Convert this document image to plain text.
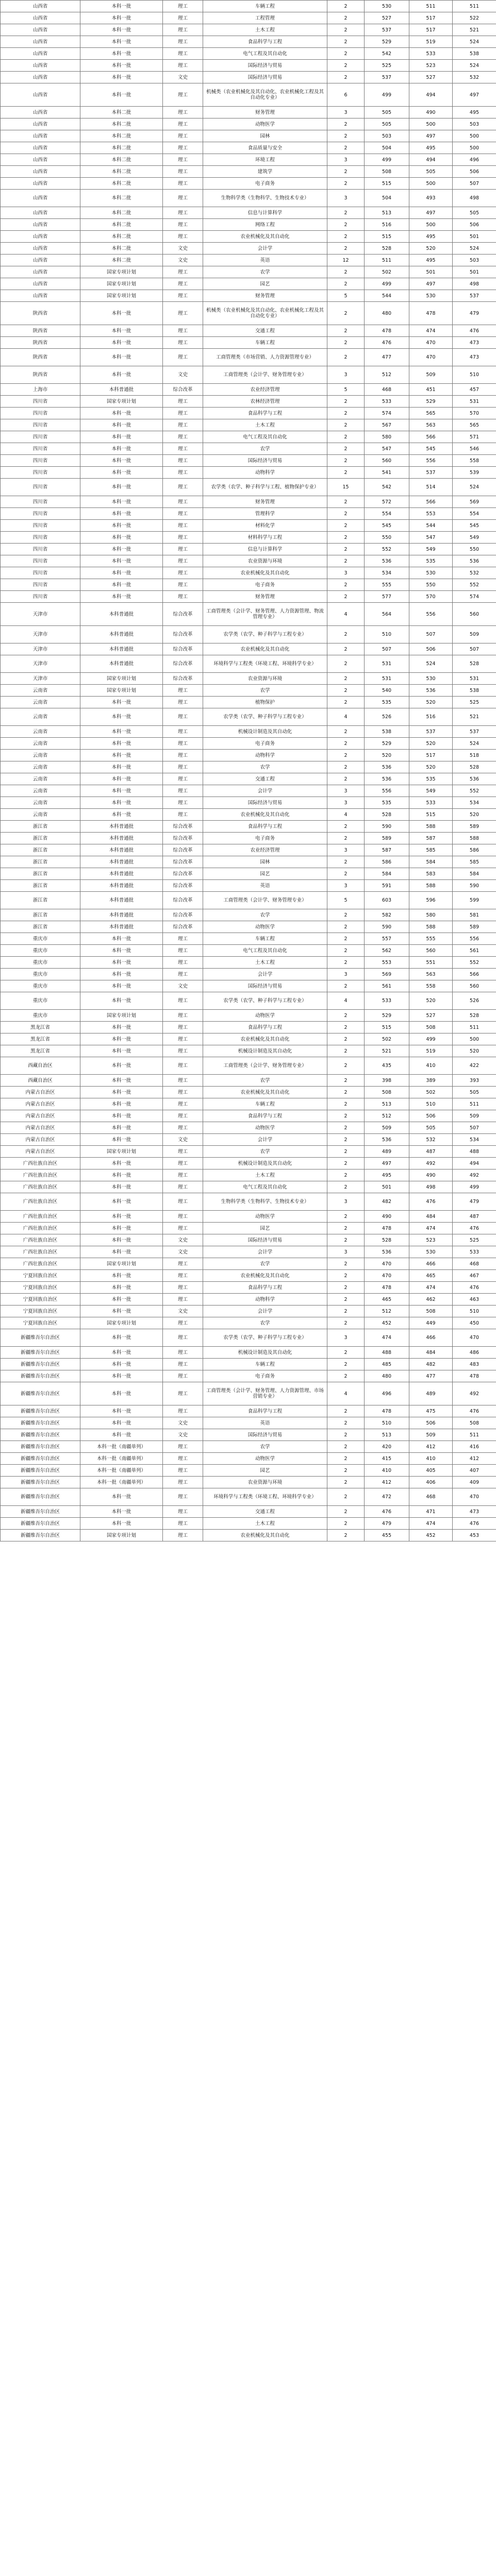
山西省	本科一批	理工	车辆工程	2	530	511	511
山西省	本科一批	理工	工程管理	2	527	517	522
山西省	本科一批	理工	土木工程	2	537	517	521
山西省	本科一批	理工	食品科学与工程	2	529	519	524
山西省	本科一批	理工	电气工程及其自动化	2	542	533	538
山西省	本科一批	理工	国际经济与贸易	2	525	523	524
山西省	本科一批	文史	国际经济与贸易	2	537	527	532
山西省	本科一批	理工	机械类（农业机械化及其自动化、农业机械化工程及其自动化专业）	6	499	494	497
山西省	本科二批	理工	财务管理	3	505	490	495
山西省	本科二批	理工	动物医学	2	505	500	503
山西省	本科二批	理工	园林	2	503	497	500
山西省	本科二批	理工	食品质量与安全	2	504	495	500
山西省	本科二批	理工	环境工程	3	499	494	496
山西省	本科二批	理工	建筑学	2	508	505	506
山西省	本科二批	理工	电子商务	2	515	500	507
山西省	本科二批	理工	生物科学类（生物科学、生物技术专业）	3	504	493	498
山西省	本科二批	理工	信息与计算科学	2	513	497	505
山西省	本科二批	理工	网络工程	2	516	500	506
山西省	本科二批	理工	农业机械化及其自动化	2	515	495	501
山西省	本科二批	文史	会计学	2	528	520	524
山西省	本科二批	文史	英语	12	511	495	503
山西省	国家专项计划	理工	农学	2	502	501	501
山西省	国家专项计划	理工	园艺	2	499	497	498
山西省	国家专项计划	理工	财务管理	5	544	530	537
陕西省	本科一批	理工	机械类（农业机械化及其自动化、农业机械化工程及其自动化专业）	2	480	478	479
陕西省	本科一批	理工	交通工程	2	478	474	476
陕西省	本科一批	理工	车辆工程	2	476	470	473
陕西省	本科一批	理工	工商管理类（市场营销、人力资源管理专业）	2	477	470	473
陕西省	本科一批	文史	工商管理类（会计学、财务管理专业）	3	512	509	510
上海市	本科普通批	综合改革	农业经济管理	5	468	451	457
四川省	国家专项计划	理工	农林经济管理	2	533	529	531
四川省	本科一批	理工	食品科学与工程	2	574	565	570
四川省	本科一批	理工	土木工程	2	567	563	565
四川省	本科一批	理工	电气工程及其自动化	2	580	566	571
四川省	本科一批	理工	农学	2	547	545	546
四川省	本科一批	理工	国际经济与贸易	2	560	556	558
四川省	本科一批	理工	动物科学	2	541	537	539
四川省	本科一批	理工	农学类（农学、种子科学与工程、植物保护专业）	15	542	514	524
四川省	本科一批	理工	财务管理	2	572	566	569
四川省	本科一批	理工	管理科学	2	554	553	554
四川省	本科一批	理工	材料化学	2	545	544	545
四川省	本科一批	理工	材料科学与工程	2	550	547	549
四川省	本科一批	理工	信息与计算科学	2	552	549	550
四川省	本科一批	理工	农业资源与环境	2	536	535	536
四川省	本科一批	理工	农业机械化及其自动化	3	534	530	532
四川省	本科一批	理工	电子商务	2	555	550	552
四川省	本科一批	理工	财务管理	2	577	570	574
天津市	本科普通批	综合改革	工商管理类（会计学、财务管理、人力资源管理、物流管理专业）	4	564	556	560
天津市	本科普通批	综合改革	农学类（农学、种子科学与工程专业）	2	510	507	509
天津市	本科普通批	综合改革	农业机械化及其自动化	2	507	506	507
天津市	本科普通批	综合改革	环境科学与工程类（环境工程、环境科学专业）	2	531	524	528
天津市	国家专项计划	综合改革	农业资源与环境	2	531	530	531
云南省	国家专项计划	理工	农学	2	540	536	538
云南省	本科一批	理工	植物保护	2	535	520	525
云南省	本科一批	理工	农学类（农学、种子科学与工程专业）	4	526	516	521
云南省	本科一批	理工	机械设计制造及其自动化	2	538	537	537
云南省	本科一批	理工	电子商务	2	529	520	524
云南省	本科一批	理工	动物科学	2	520	517	518
云南省	本科一批	理工	农学	2	536	520	528
云南省	本科一批	理工	交通工程	2	536	535	536
云南省	本科一批	理工	会计学	3	556	549	552
云南省	本科一批	理工	国际经济与贸易	3	535	533	534
云南省	本科一批	理工	农业机械化及其自动化	4	528	515	520
浙江省	本科普通批	综合改革	食品科学与工程	2	590	588	589
浙江省	本科普通批	综合改革	电子商务	2	589	587	588
浙江省	本科普通批	综合改革	农业经济管理	3	587	585	586
浙江省	本科普通批	综合改革	园林	2	586	584	585
浙江省	本科普通批	综合改革	园艺	2	584	583	584
浙江省	本科普通批	综合改革	英语	3	591	588	590
浙江省	本科普通批	综合改革	工商管理类（会计学、财务管理专业）	5	603	596	599
浙江省	本科普通批	综合改革	农学	2	582	580	581
浙江省	本科普通批	综合改革	动物医学	2	590	588	589
重庆市	本科一批	理工	车辆工程	2	557	555	556
重庆市	本科一批	理工	电气工程及其自动化	2	562	560	561
重庆市	本科一批	理工	土木工程	2	553	551	552
重庆市	本科一批	理工	会计学	3	569	563	566
重庆市	本科一批	文史	国际经济与贸易	2	561	558	560
重庆市	本科一批	理工	农学类（农学、种子科学与工程专业）	4	533	520	526
重庆市	国家专项计划	理工	动物医学	2	529	527	528
黑龙江省	本科一批	理工	食品科学与工程	2	515	508	511
黑龙江省	本科一批	理工	农业机械化及其自动化	2	502	499	500
黑龙江省	本科一批	理工	机械设计制造及其自动化	2	521	519	520
西藏自治区	本科一批	理工	工商管理类（会计学、财务管理专业）	2	435	410	422
西藏自治区	本科一批	理工	农学	2	398	389	393
内蒙古自治区	本科一批	理工	农业机械化及其自动化	2	508	502	505
内蒙古自治区	本科一批	理工	车辆工程	2	513	510	511
内蒙古自治区	本科一批	理工	食品科学与工程	2	512	506	509
内蒙古自治区	本科一批	理工	动物医学	2	509	505	507
内蒙古自治区	本科一批	文史	会计学	2	536	532	534
内蒙古自治区	国家专项计划	理工	农学	2	489	487	488
广西壮族自治区	本科一批	理工	机械设计制造及其自动化	2	497	492	494
广西壮族自治区	本科一批	理工	土木工程	2	495	490	492
广西壮族自治区	本科一批	理工	电气工程及其自动化	2	501	498	499
广西壮族自治区	本科一批	理工	生物科学类（生物科学、生物技术专业）	3	482	476	479
广西壮族自治区	本科一批	理工	动物医学	2	490	484	487
广西壮族自治区	本科一批	理工	园艺	2	478	474	476
广西壮族自治区	本科一批	文史	国际经济与贸易	2	528	523	525
广西壮族自治区	本科一批	文史	会计学	3	536	530	533
广西壮族自治区	国家专项计划	理工	农学	2	470	466	468
宁夏回族自治区	本科一批	理工	农业机械化及其自动化	2	470	465	467
宁夏回族自治区	本科一批	理工	食品科学与工程	2	478	474	476
宁夏回族自治区	本科一批	理工	动物科学	2	465	462	463
宁夏回族自治区	本科一批	文史	会计学	2	512	508	510
宁夏回族自治区	国家专项计划	理工	农学	2	452	449	450
新疆维吾尔自治区	本科一批	理工	农学类（农学、种子科学与工程专业）	3	474	466	470
新疆维吾尔自治区	本科一批	理工	机械设计制造及其自动化	2	488	484	486
新疆维吾尔自治区	本科一批	理工	车辆工程	2	485	482	483
新疆维吾尔自治区	本科一批	理工	电子商务	2	480	477	478
新疆维吾尔自治区	本科一批	理工	工商管理类（会计学、财务管理、人力资源管理、市场营销专业）	4	496	489	492
新疆维吾尔自治区	本科一批	理工	食品科学与工程	2	478	475	476
新疆维吾尔自治区	本科一批	文史	英语	2	510	506	508
新疆维吾尔自治区	本科一批	文史	国际经济与贸易	2	513	509	511
新疆维吾尔自治区	本科一批（南疆单列）	理工	农学	2	420	412	416
新疆维吾尔自治区	本科一批（南疆单列）	理工	动物医学	2	415	410	412
新疆维吾尔自治区	本科一批（南疆单列）	理工	园艺	2	410	405	407
新疆维吾尔自治区	本科一批（南疆单列）	理工	农业资源与环境	2	412	406	409
新疆维吾尔自治区	本科一批	理工	环境科学与工程类（环境工程、环境科学专业）	2	472	468	470
新疆维吾尔自治区	本科一批	理工	交通工程	2	476	471	473
新疆维吾尔自治区	本科一批	理工	土木工程	2	479	474	476
新疆维吾尔自治区	国家专项计划	理工	农业机械化及其自动化	2	455	452	453
